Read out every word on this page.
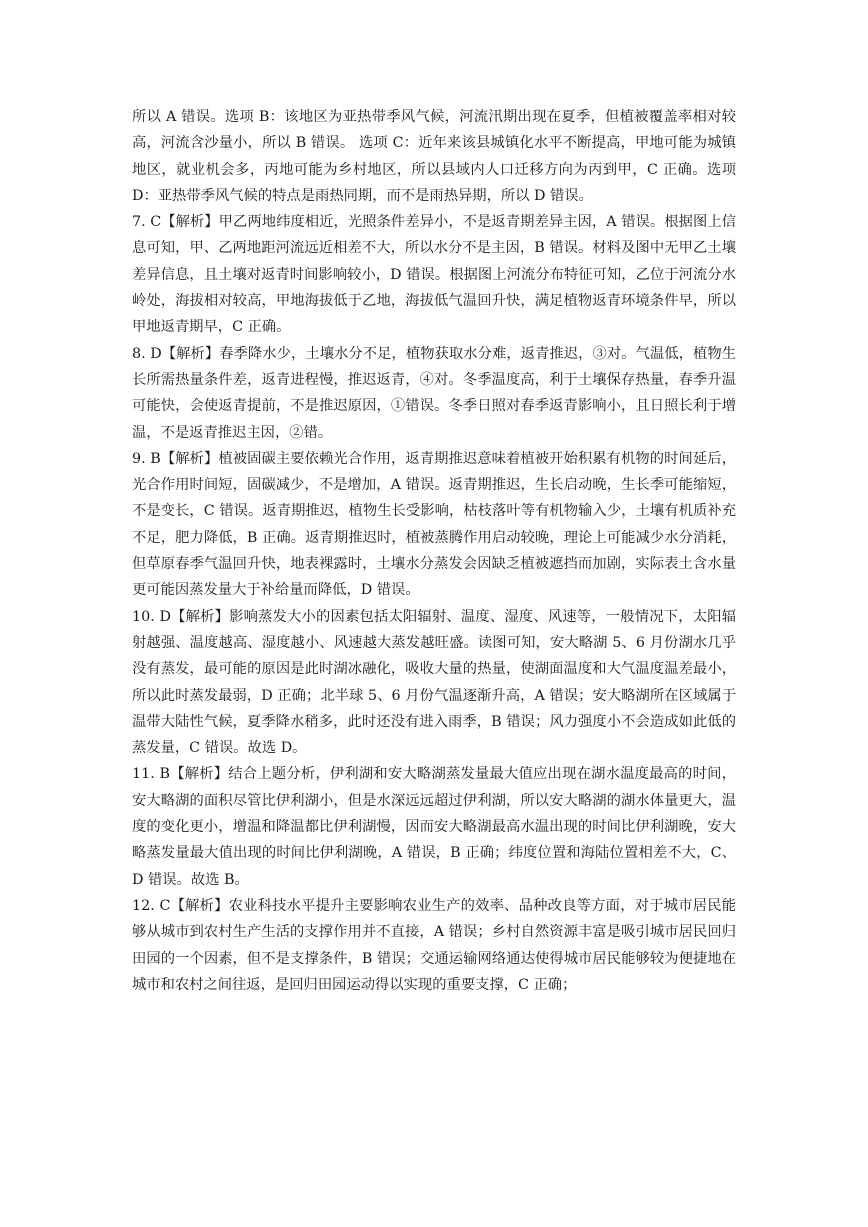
所以 A 错误。选项 B：该地区为亚热带季风气候，河流汛期出现在夏季，但植被覆盖率相对较高，河流含沙量小，所以 B 错误。 选项 C：近年来该县城镇化水平不断提高，甲地可能为城镇地区，就业机会多，丙地可能为乡村地区，所以县域内人口迁移方向为丙到甲，C 正确。选项 D：亚热带季风气候的特点是雨热同期，而不是雨热异期，所以 D 错误。

7. C【解析】甲乙两地纬度相近，光照条件差异小，不是返青期差异主因，A 错误。根据图上信息可知，甲、乙两地距河流远近相差不大，所以水分不是主因，B 错误。材料及图中无甲乙土壤差异信息，且土壤对返青时间影响较小，D 错误。根据图上河流分布特征可知，乙位于河流分水岭处，海拔相对较高，甲地海拔低于乙地，海拔低气温回升快，满足植物返青环境条件早，所以甲地返青期早，C 正确。

8. D【解析】春季降水少，土壤水分不足，植物获取水分难，返青推迟，③对。气温低，植物生长所需热量条件差，返青进程慢，推迟返青，④对。冬季温度高，利于土壤保存热量，春季升温可能快，会使返青提前，不是推迟原因，①错误。冬季日照对春季返青影响小，且日照长利于增温，不是返青推迟主因，②错。

9. B【解析】植被固碳主要依赖光合作用，返青期推迟意味着植被开始积累有机物的时间延后，光合作用时间短，固碳减少，不是增加，A 错误。返青期推迟，生长启动晚，生长季可能缩短，不是变长，C 错误。返青期推迟，植物生长受影响，枯枝落叶等有机物输入少，土壤有机质补充不足，肥力降低，B 正确。返青期推迟时，植被蒸腾作用启动较晚，理论上可能减少水分消耗，但草原春季气温回升快，地表裸露时，土壤水分蒸发会因缺乏植被遮挡而加剧，实际表土含水量更可能因蒸发量大于补给量而降低，D 错误。

10. D【解析】影响蒸发大小的因素包括太阳辐射、温度、湿度、风速等，一般情况下，太阳辐射越强、温度越高、湿度越小、风速越大蒸发越旺盛。读图可知，安大略湖 5、6 月份湖水几乎没有蒸发，最可能的原因是此时湖冰融化，吸收大量的热量，使湖面温度和大气温度温差最小，所以此时蒸发最弱，D 正确；北半球 5、6 月份气温逐渐升高，A 错误；安大略湖所在区域属于温带大陆性气候，夏季降水稍多，此时还没有进入雨季，B 错误；风力强度小不会造成如此低的蒸发量，C 错误。故选 D。

11. B【解析】结合上题分析，伊利湖和安大略湖蒸发量最大值应出现在湖水温度最高的时间，安大略湖的面积尽管比伊利湖小，但是水深远远超过伊利湖，所以安大略湖的湖水体量更大，温度的变化更小，增温和降温都比伊利湖慢，因而安大略湖最高水温出现的时间比伊利湖晚，安大略蒸发量最大值出现的时间比伊利湖晚，A 错误，B 正确；纬度位置和海陆位置相差不大，C、D 错误。故选 B。

12. C【解析】农业科技水平提升主要影响农业生产的效率、品种改良等方面，对于城市居民能够从城市到农村生产生活的支撑作用并不直接，A 错误；乡村自然资源丰富是吸引城市居民回归田园的一个因素，但不是支撑条件，B 错误；交通运输网络通达使得城市居民能够较为便捷地在城市和农村之间往返，是回归田园运动得以实现的重要支撑，C 正确；
